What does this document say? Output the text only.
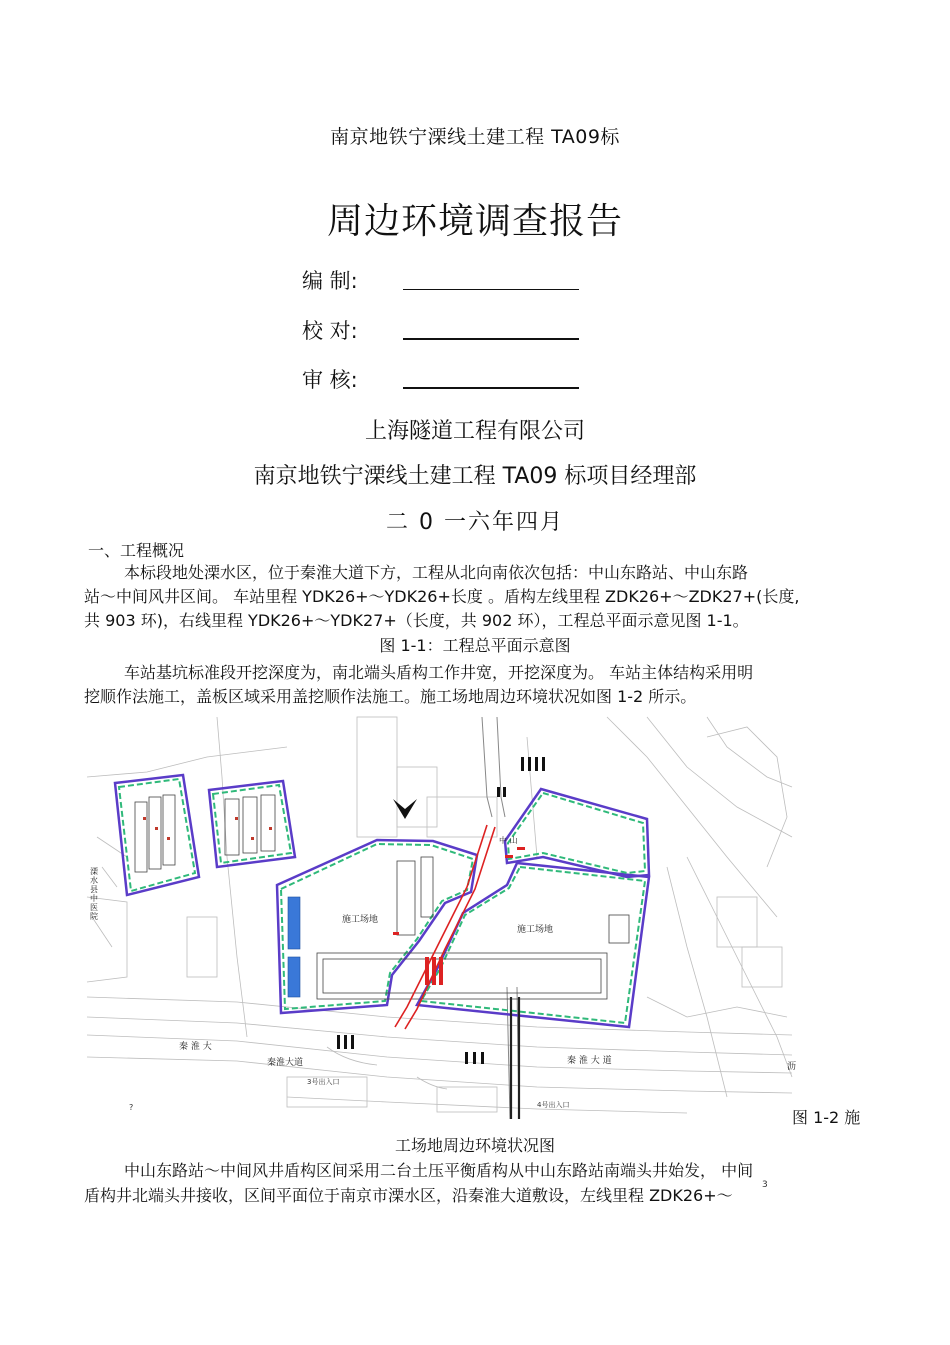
南京地铁宁溧线土建工程 TA09标
周边环境调查报告
编 制:
校 对:
审 核:
上海隧道工程有限公司
南京地铁宁溧线土建工程 TA09 标项目经理部
二 0 一六年四月
一、工程概况
本标段地处溧水区，位于秦淮大道下方，工程从北向南依次包括：中山东路站、中山东路
站～中间风井区间。 车站里程 YDK26+～YDK26+长度 。盾构左线里程 ZDK26+～ZDK27+(长度,
共 903 环)，右线里程 YDK26+～YDK27+（长度，共 902 环），工程总平面示意见图 1-1。
图 1-1：工程总平面示意图
车站基坑标准段开挖深度为，南北端头盾构工作井宽，开挖深度为。 车站主体结构采用明
挖顺作法施工，盖板区域采用盖挖顺作法施工。施工场地周边环境状况如图 1-2 所示。
施工场地
施工场地
秦 淮 大
秦淮大道	秦 淮 大 道
3号出入口
4号出入口
中 山
沥
?
溧水县中医院
图 1-2 施
工场地周边环境状况图
中山东路站～中间风井盾构区间采用二台土压平衡盾构从中山东路站南端头井始发， 中间
盾构井北端头井接收，区间平面位于南京市溧水区，沿秦淮大道敷设，左线里程 ZDK26+～
3
